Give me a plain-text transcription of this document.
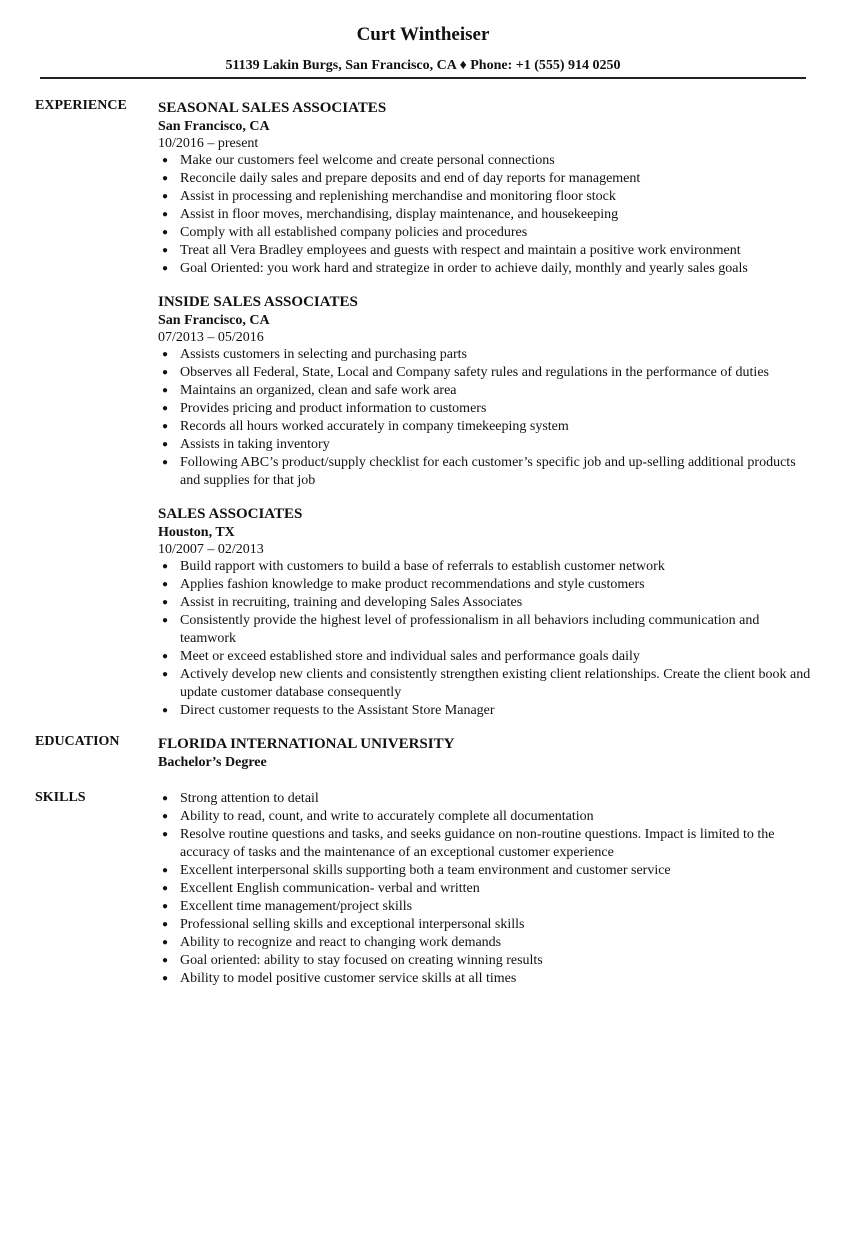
Curt Wintheiser
51139 Lakin Burgs, San Francisco, CA ♦ Phone: +1 (555) 914 0250
EXPERIENCE SEASONAL SALES ASSOCIATES
San Francisco, CA
10/2016 – present
● Make our customers feel welcome and create personal connections
● Reconcile daily sales and prepare deposits and end of day reports for management
● Assist in processing and replenishing merchandise and monitoring floor stock
● Assist in floor moves, merchandising, display maintenance, and housekeeping
● Comply with all established company policies and procedures
● Treat all Vera Bradley employees and guests with respect and maintain a positive work environment
● Goal Oriented: you work hard and strategize in order to achieve daily, monthly and yearly sales goals
INSIDE SALES ASSOCIATES
San Francisco, CA
07/2013 – 05/2016
● Assists customers in selecting and purchasing parts
● Observes all Federal, State, Local and Company safety rules and regulations in the performance of duties
● Maintains an organized, clean and safe work area
● Provides pricing and product information to customers
● Records all hours worked accurately in company timekeeping system
● Assists in taking inventory
● Following ABC’s product/supply checklist for each customer’s specific job and up-selling additional products and supplies for that job
SALES ASSOCIATES
Houston, TX
10/2007 – 02/2013
● Build rapport with customers to build a base of referrals to establish customer network
● Applies fashion knowledge to make product recommendations and style customers
● Assist in recruiting, training and developing Sales Associates
● Consistently provide the highest level of professionalism in all behaviors including communication and teamwork
● Meet or exceed established store and individual sales and performance goals daily
● Actively develop new clients and consistently strengthen existing client relationships. Create the client book and update customer database consequently
● Direct customer requests to the Assistant Store Manager
EDUCATION	FLORIDA INTERNATIONAL UNIVERSITY
Bachelor’s Degree
SKILLS	● Strong attention to detail
● Ability to read, count, and write to accurately complete all documentation
● Resolve routine questions and tasks, and seeks guidance on non-routine questions. Impact is limited to the accuracy of tasks and the maintenance of an exceptional customer experience
● Excellent interpersonal skills supporting both a team environment and customer service
● Excellent English communication- verbal and written
● Excellent time management/project skills
● Professional selling skills and exceptional interpersonal skills
● Ability to recognize and react to changing work demands
● Goal oriented: ability to stay focused on creating winning results
● Ability to model positive customer service skills at all times
